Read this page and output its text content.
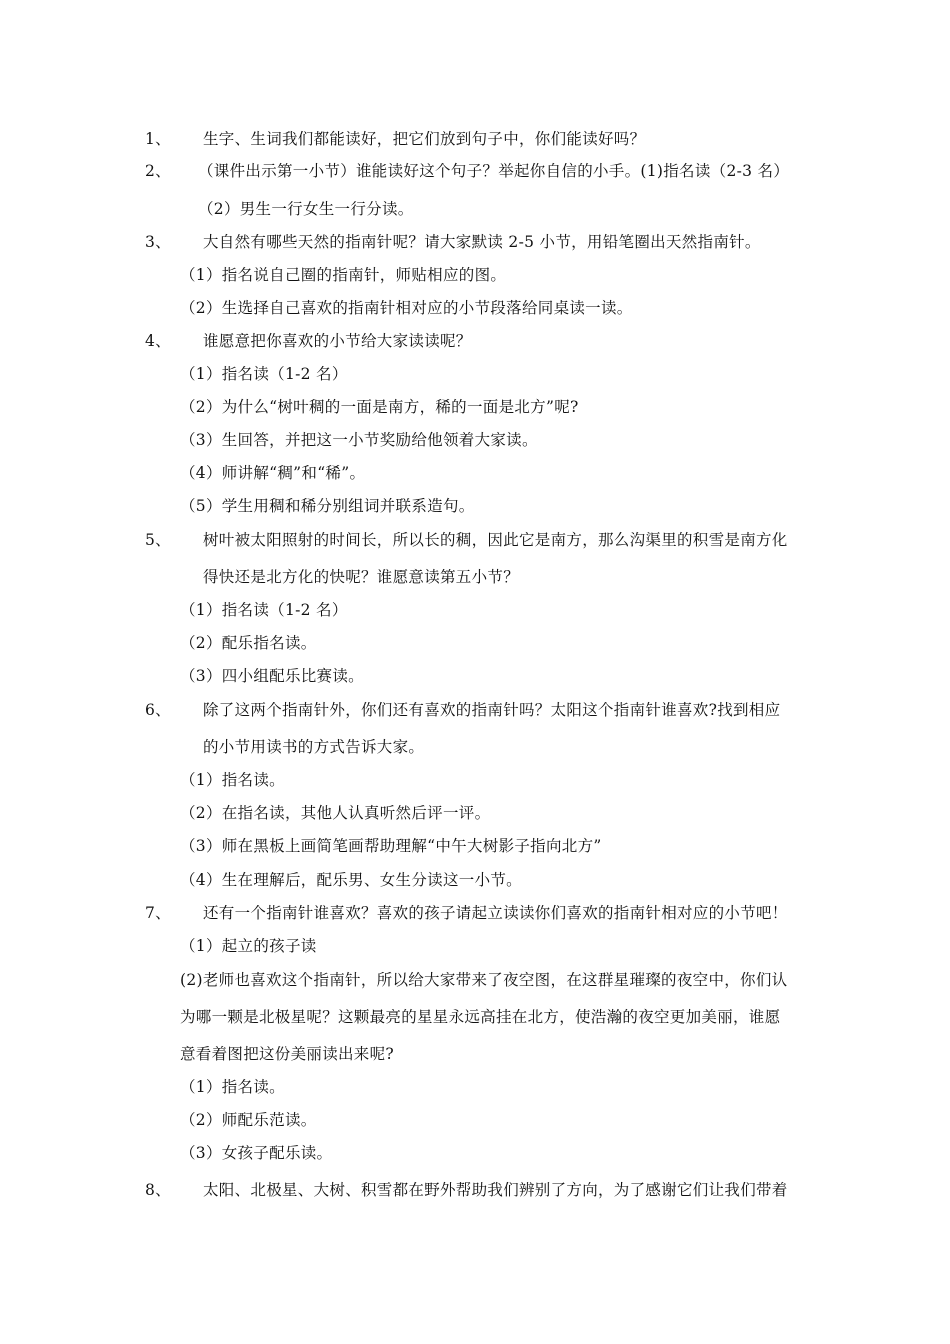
1、 生字、生词我们都能读好，把它们放到句子中，你们能读好吗？
2、 （课件出示第一小节）谁能读好这个句子？举起你自信的小手。(1)指名读（2-3 名）
（2）男生一行女生一行分读。
3、 大自然有哪些天然的指南针呢？请大家默读 2-5 小节，用铅笔圈出天然指南针。
（1）指名说自己圈的指南针，师贴相应的图。
（2）生选择自己喜欢的指南针相对应的小节段落给同桌读一读。
4、 谁愿意把你喜欢的小节给大家读读呢？
（1）指名读（1-2 名）
（2）为什么“树叶稠的一面是南方，稀的一面是北方”呢?
（3）生回答，并把这一小节奖励给他领着大家读。
（4）师讲解“稠”和“稀”。
（5）学生用稠和稀分别组词并联系造句。
5、 树叶被太阳照射的时间长，所以长的稠，因此它是南方，那么沟渠里的积雪是南方化
得快还是北方化的快呢？谁愿意读第五小节？
（1）指名读（1-2 名）
（2）配乐指名读。
（3）四小组配乐比赛读。
6、 除了这两个指南针外，你们还有喜欢的指南针吗？太阳这个指南针谁喜欢?找到相应
的小节用读书的方式告诉大家。
（1）指名读。
（2）在指名读，其他人认真听然后评一评。
（3）师在黑板上画简笔画帮助理解“中午大树影子指向北方”
（4）生在理解后，配乐男、女生分读这一小节。
7、 还有一个指南针谁喜欢？喜欢的孩子请起立读读你们喜欢的指南针相对应的小节吧！
（1）起立的孩子读
(2)老师也喜欢这个指南针，所以给大家带来了夜空图，在这群星璀璨的夜空中，你们认
为哪一颗是北极星呢？这颗最亮的星星永远高挂在北方，使浩瀚的夜空更加美丽，谁愿
意看着图把这份美丽读出来呢?
（1）指名读。
（2）师配乐范读。
（3）女孩子配乐读。
8、 太阳、北极星、大树、积雪都在野外帮助我们辨别了方向，为了感谢它们让我们带着
